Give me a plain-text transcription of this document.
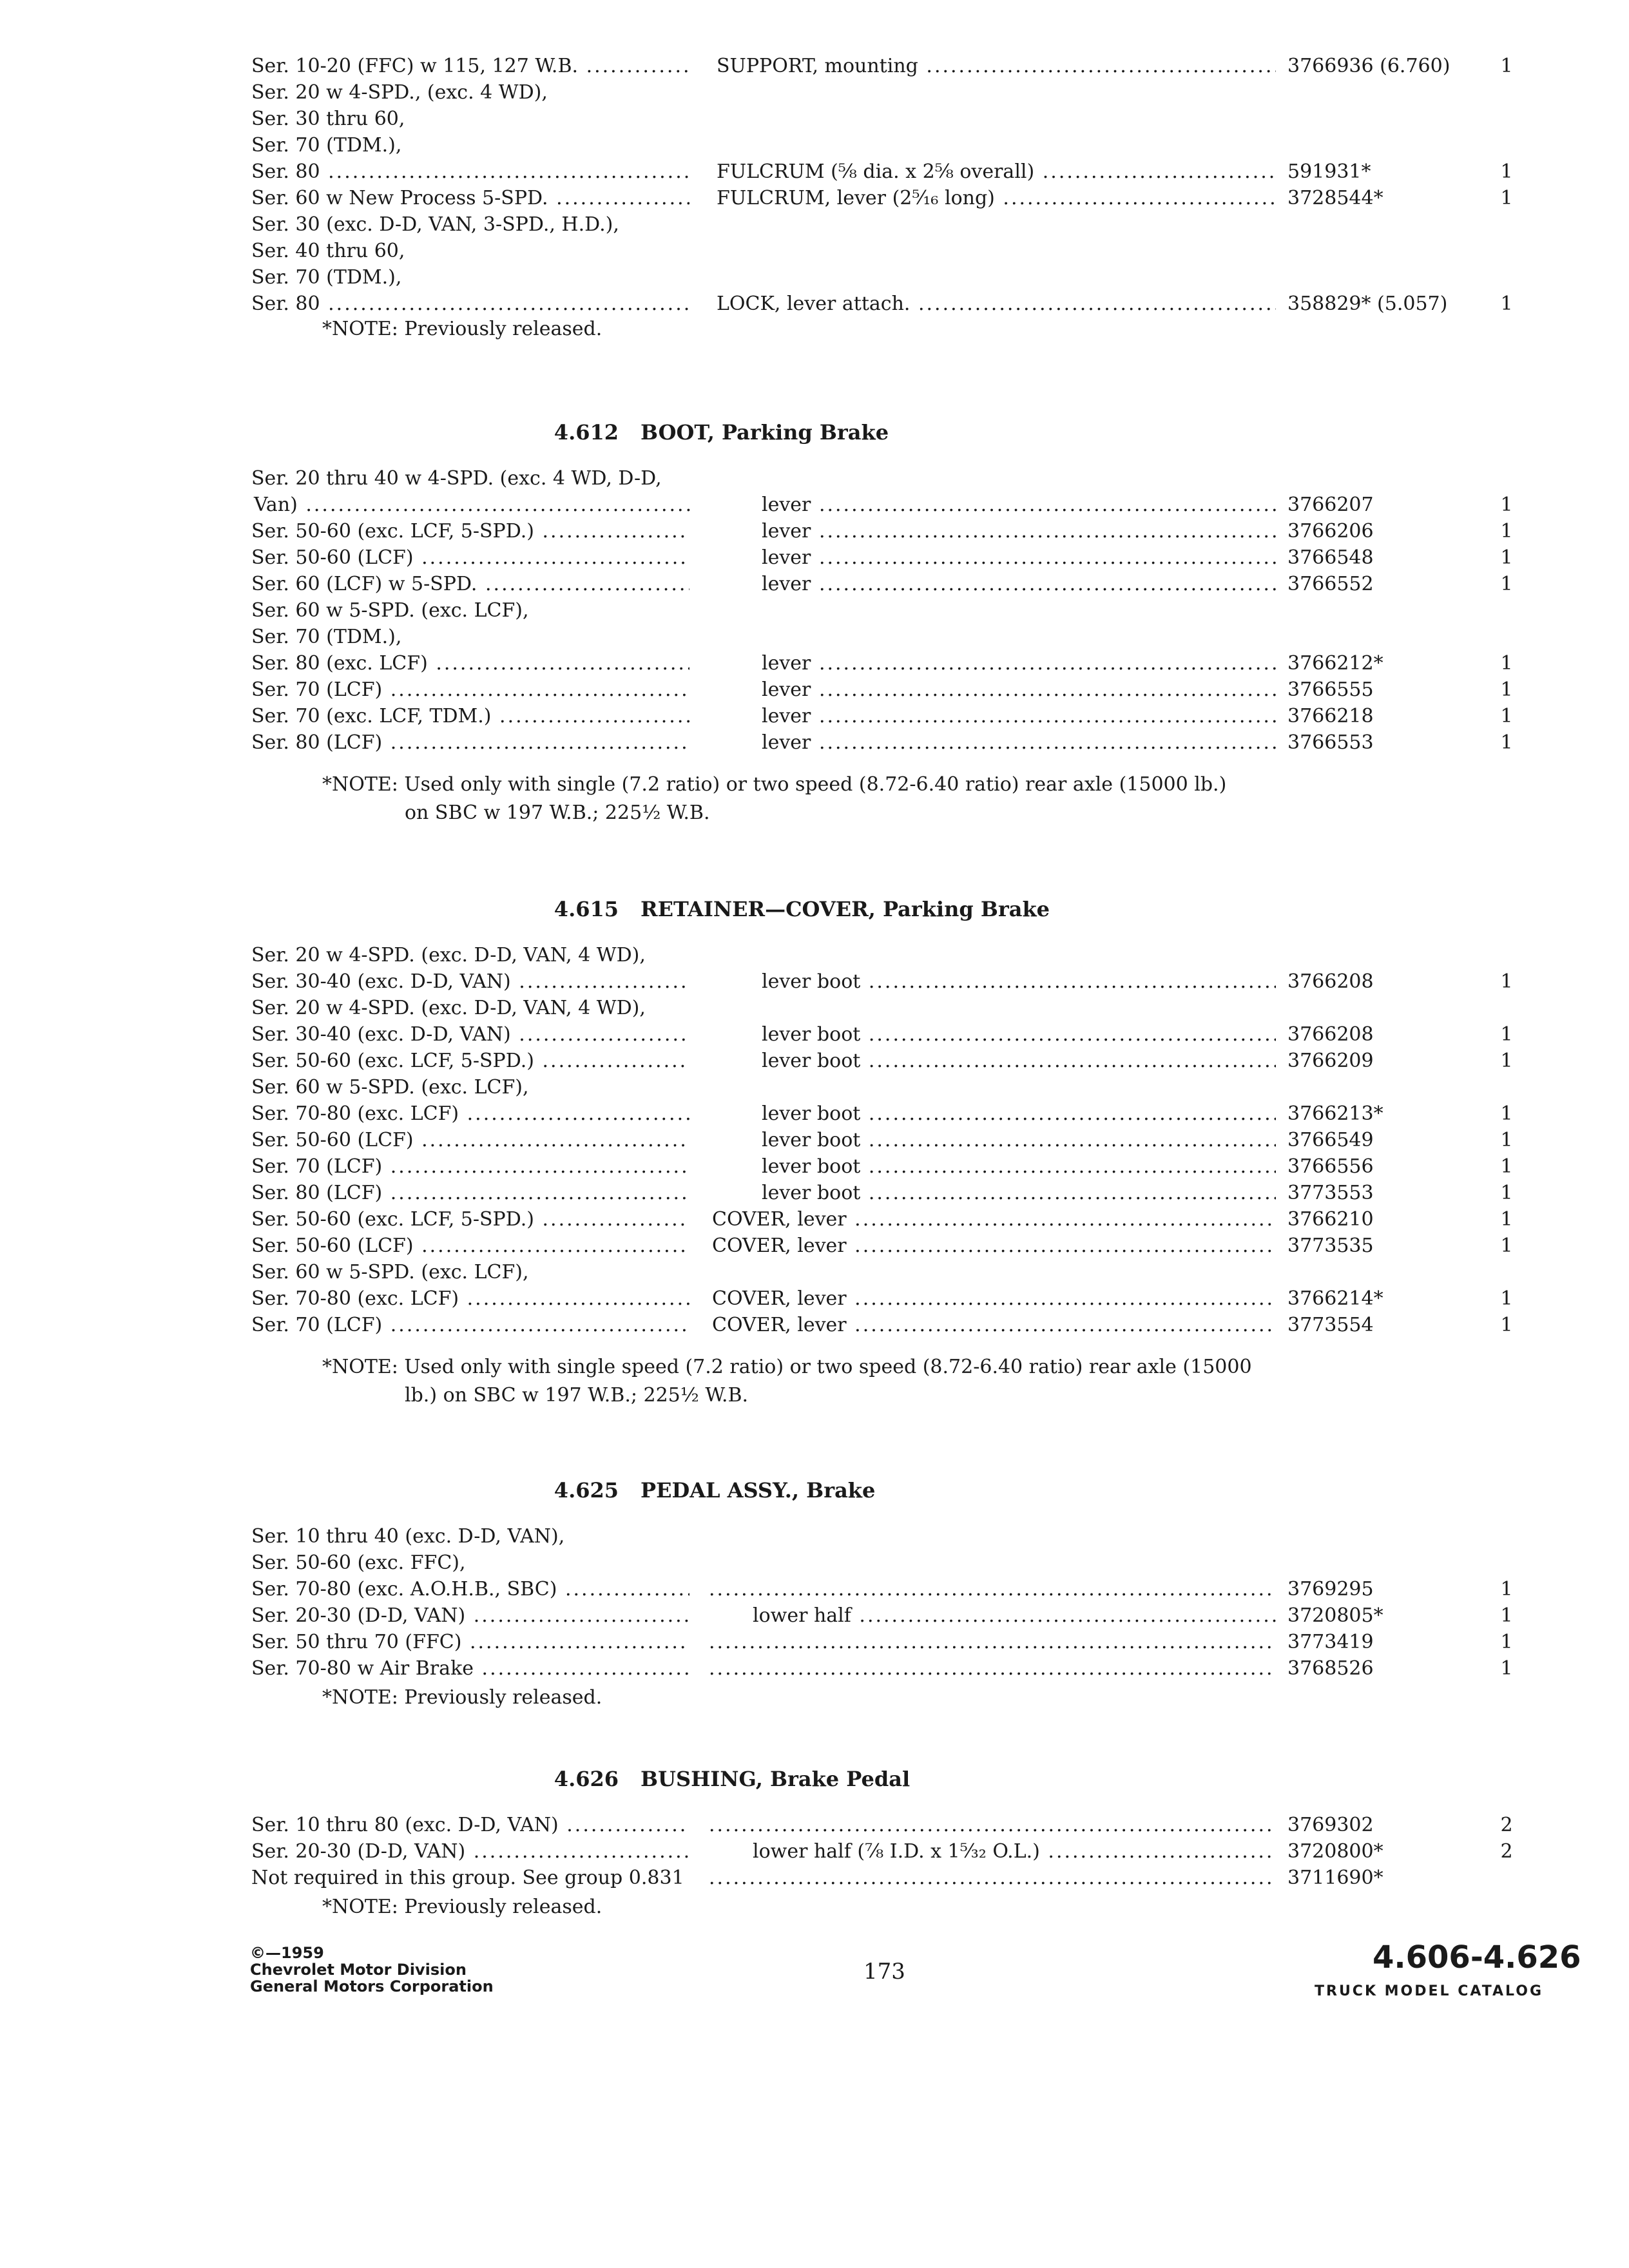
Ser. 10-20 (FFC) w 115, 127 W.B. .....	SUPPORT, mounting .....	3766936 (6.760)	1
Ser. 20 w 4-SPD., (exc. 4 WD),
Ser. 30 thru 60,
Ser. 70 (TDM.),
Ser. 80 .....	FULCRUM (⅝ dia. x 2⅝ overall) .....	591931*	1
Ser. 60 w New Process 5-SPD. .....	FULCRUM, lever (2⁵⁄₁₆ long) .....	3728544*	1
Ser. 30 (exc. D-D, VAN, 3-SPD., H.D.),
Ser. 40 thru 60,
Ser. 70 (TDM.),
Ser. 80 .....	LOCK, lever attach. .....	358829* (5.057)	1
*NOTE: Previously released.
4.612 BOOT, Parking Brake
Ser. 20 thru 40 w 4-SPD. (exc. 4 WD, D-D,
Van) .....	lever .....	3766207	1
Ser. 50-60 (exc. LCF, 5-SPD.) .....	lever .....	3766206	1
Ser. 50-60 (LCF) .....	lever .....	3766548	1
Ser. 60 (LCF) w 5-SPD. .....	lever .....	3766552	1
Ser. 60 w 5-SPD. (exc. LCF),
Ser. 70 (TDM.),
Ser. 80 (exc. LCF) .....	lever .....	3766212*	1
Ser. 70 (LCF) .....	lever .....	3766555	1
Ser. 70 (exc. LCF, TDM.) .....	lever .....	3766218	1
Ser. 80 (LCF) .....	lever .....	3766553	1
*NOTE: Used only with single (7.2 ratio) or two speed (8.72-6.40 ratio) rear axle (15000 lb.)
on SBC w 197 W.B.; 225½ W.B.
4.615 RETAINER—COVER, Parking Brake
Ser. 20 w 4-SPD. (exc. D-D, VAN, 4 WD),
Ser. 30-40 (exc. D-D, VAN) .....	lever boot .....	3766208	1
Ser. 20 w 4-SPD. (exc. D-D, VAN, 4 WD),
Ser. 30-40 (exc. D-D, VAN) .....	lever boot .....	3766208	1
Ser. 50-60 (exc. LCF, 5-SPD.) .....	lever boot .....	3766209	1
Ser. 60 w 5-SPD. (exc. LCF),
Ser. 70-80 (exc. LCF) .....	lever boot .....	3766213*	1
Ser. 50-60 (LCF) .....	lever boot .....	3766549	1
Ser. 70 (LCF) .....	lever boot .....	3766556	1
Ser. 80 (LCF) .....	lever boot .....	3773553	1
Ser. 50-60 (exc. LCF, 5-SPD.) .....	COVER, lever .....	3766210	1
Ser. 50-60 (LCF) .....	COVER, lever .....	3773535	1
Ser. 60 w 5-SPD. (exc. LCF),
Ser. 70-80 (exc. LCF) .....	COVER, lever .....	3766214*	1
Ser. 70 (LCF) .....	COVER, lever .....	3773554	1
*NOTE: Used only with single speed (7.2 ratio) or two speed (8.72-6.40 ratio) rear axle (15000
lb.) on SBC w 197 W.B.; 225½ W.B.
4.625 PEDAL ASSY., Brake
Ser. 10 thru 40 (exc. D-D, VAN),
Ser. 50-60 (exc. FFC),
Ser. 70-80 (exc. A.O.H.B., SBC) ..... .....	3769295	1
Ser. 20-30 (D-D, VAN) .....	lower half .....	3720805*	1
Ser. 50 thru 70 (FFC) ..... .....	3773419	1
Ser. 70-80 w Air Brake ..... .....	3768526	1
*NOTE: Previously released.
4.626 BUSHING, Brake Pedal
Ser. 10 thru 80 (exc. D-D, VAN) ..... .....	3769302	2
Ser. 20-30 (D-D, VAN) .....	lower half (⅞ I.D. x 1⁵⁄₃₂ O.L.) .....	3720800*	2
Not required in this group. See group 0.831 .....	3711690*
*NOTE: Previously released.
©—1959
Chevrolet Motor Division
General Motors Corporation
173	4.606-4.626
TRUCK MODEL CATALOG
